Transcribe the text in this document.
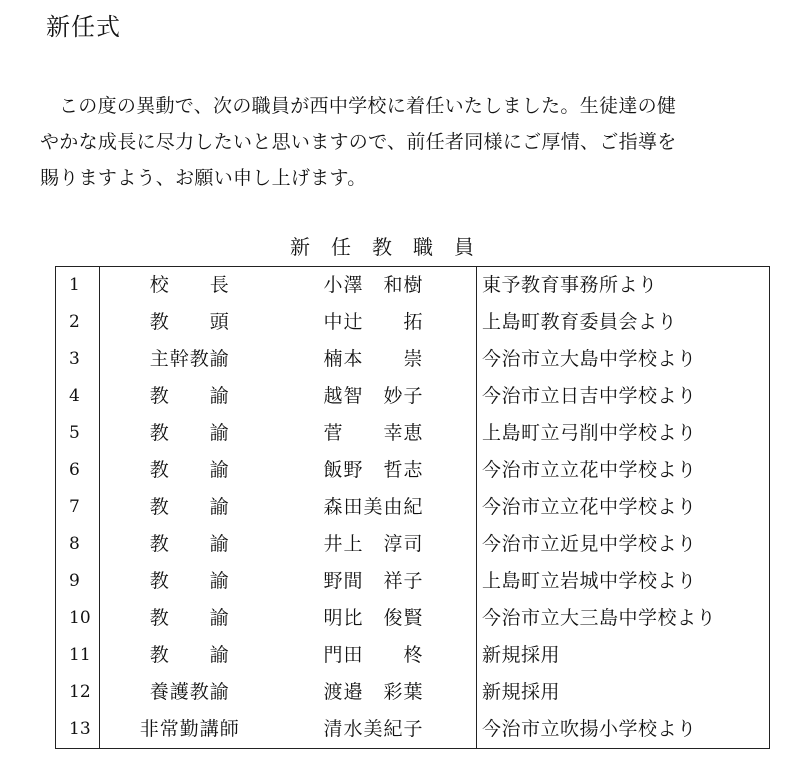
新任式

この度の異動で、次の職員が西中学校に着任いたしました。生徒達の健

やかな成長に尽力したいと思いますので、前任者同様にご厚情、ご指導を

賜りますよう、お願い申し上げます。

新任教職員
1	校　　長	小澤　和樹	東予教育事務所より
2	教　　頭	中辻　　拓	上島町教育委員会より
3	主幹教諭	楠本　　崇	今治市立大島中学校より
4	教　　諭	越智　妙子	今治市立日吉中学校より
5	教　　諭	菅　　幸恵	上島町立弓削中学校より
6	教　　諭	飯野　哲志	今治市立立花中学校より
7	教　　諭	森田美由紀	今治市立立花中学校より
8	教　　諭	井上　淳司	今治市立近見中学校より
9	教　　諭	野間　祥子	上島町立岩城中学校より
10	教　　諭	明比　俊賢	今治市立大三島中学校より
11	教　　諭	門田　　柊	新規採用
12	養護教諭	渡邉　彩葉	新規採用
13	非常勤講師	清水美紀子	今治市立吹揚小学校より
